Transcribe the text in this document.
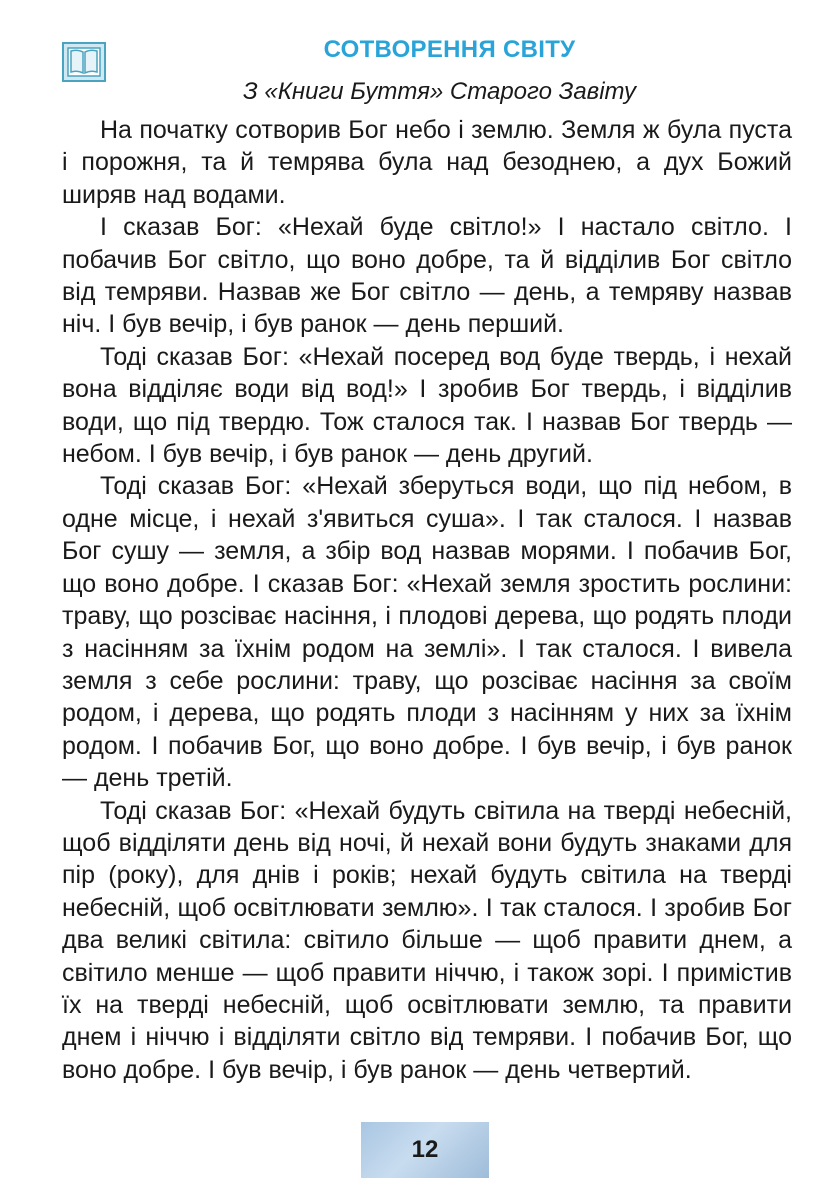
СОТВОРЕННЯ СВІТУ
З «Книги Буття» Старого Завіту

На початку сотворив Бог небо і землю. Земля ж була пуста і порожня, та й темрява була над безоднею, а дух Божий ширяв над водами.

І сказав Бог: «Нехай буде світло!» І настало світло. І побачив Бог світло, що воно добре, та й відділив Бог світло від темряви. Назвав же Бог світло — день, а темряву назвав ніч. І був вечір, і був ранок — день перший.

Тоді сказав Бог: «Нехай посеред вод буде твердь, і нехай вона відділяє води від вод!» І зробив Бог твердь, і відділив води, що під твердю. Тож сталося так. І назвав Бог твердь — небом. І був вечір, і був ранок — день другий.

Тоді сказав Бог: «Нехай зберуться води, що під небом, в одне місце, і нехай з'явиться суша». І так сталося. І назвав Бог сушу — земля, а збір вод назвав морями. І побачив Бог, що воно добре. І сказав Бог: «Нехай земля зростить рослини: траву, що розсіває насіння, і плодові дерева, що родять плоди з насінням за їхнім родом на землі». І так сталося. І вивела земля з себе рослини: траву, що розсіває насіння за своїм родом, і дерева, що родять плоди з насінням у них за їхнім родом. І побачив Бог, що воно добре. І був вечір, і був ранок — день третій.

Тоді сказав Бог: «Нехай будуть світила на тверді небесній, щоб відділяти день від ночі, й нехай вони будуть знаками для пір (року), для днів і років; нехай будуть світила на тверді небесній, щоб освітлювати землю». І так сталося. І зробив Бог два великі світила: світило більше — щоб правити днем, а світило менше — щоб правити ніччю, і також зорі. І примістив їх на тверді небесній, щоб освітлювати землю, та правити днем і ніччю і відділяти світло від темряви. І побачив Бог, що воно добре. І був вечір, і був ранок — день четвертий.

12
